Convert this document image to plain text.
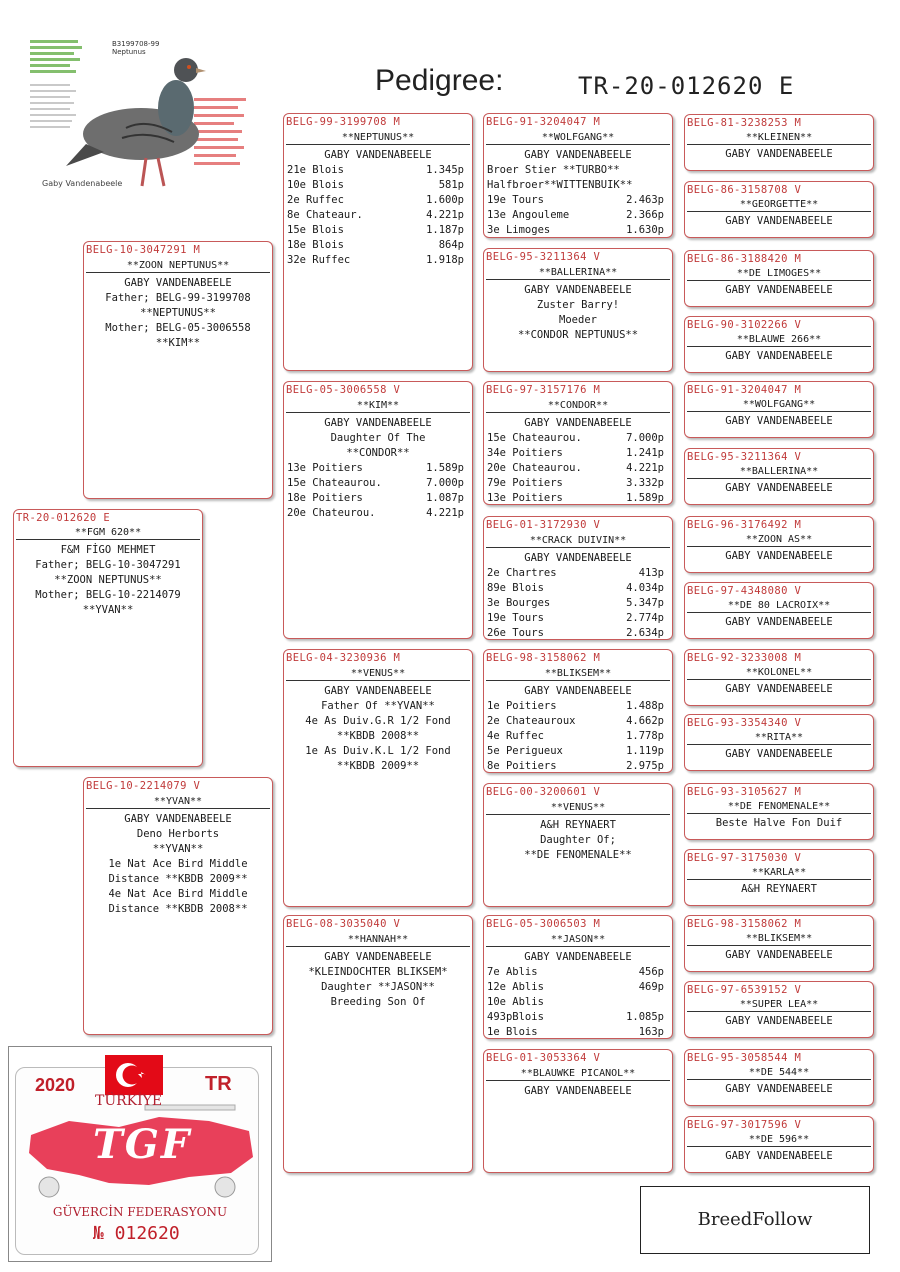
Pedigree:	TR-20-012620 E
B3199708-99
Neptunus
Gaby Vandenabeele
TR-20-012620 E
**FGM 620**
F&M FİGO MEHMET
Father; BELG-10-3047291
**ZOON NEPTUNUS**
Mother; BELG-10-2214079
**YVAN**
BELG-10-3047291 M
**ZOON NEPTUNUS**
GABY VANDENABEELE
Father; BELG-99-3199708
**NEPTUNUS**
Mother; BELG-05-3006558
**KIM**
BELG-10-2214079 V
**YVAN**
GABY VANDENABEELE
Deno Herborts
**YVAN**
1e Nat Ace Bird Middle
Distance **KBDB 2009**
4e Nat Ace Bird Middle
Distance **KBDB 2008**
BELG-99-3199708 M
**NEPTUNUS**
GABY VANDENABEELE
21e Blois	1.345p
10e Blois	581p
2e Ruffec	1.600p
8e Chateaur.	4.221p
15e Blois	1.187p
18e Blois	864p
32e Ruffec	1.918p
BELG-05-3006558 V
**KIM**
GABY VANDENABEELE
Daughter Of The
**CONDOR**
13e Poitiers	1.589p
15e Chateaurou.	7.000p
18e Poitiers	1.087p
20e Chateurou.	4.221p
BELG-04-3230936 M
**VENUS**
GABY VANDENABEELE
Father Of **YVAN**
4e As Duiv.G.R 1/2 Fond
**KBDB 2008**
1e As Duiv.K.L 1/2 Fond
**KBDB 2009**
BELG-08-3035040 V
**HANNAH**
GABY VANDENABEELE
*KLEINDOCHTER BLIKSEM*
Daughter **JASON**
Breeding Son Of
BELG-91-3204047 M
**WOLFGANG**
GABY VANDENABEELE
Broer Stier **TURBO**
Halfbroer**WITTENBUIK**
19e Tours	2.463p
13e Angouleme	2.366p
3e Limoges	1.630p
BELG-95-3211364 V
**BALLERINA**
GABY VANDENABEELE
Zuster Barry!
Moeder
**CONDOR NEPTUNUS**
BELG-97-3157176 M
**CONDOR**
GABY VANDENABEELE
15e Chateaurou.	7.000p
34e Poitiers	1.241p
20e Chateaurou.	4.221p
79e Poitiers	3.332p
13e Poitiers	1.589p
BELG-01-3172930 V
**CRACK DUIVIN**
GABY VANDENABEELE
2e Chartres	413p
89e Blois	4.034p
3e Bourges	5.347p
19e Tours	2.774p
26e Tours	2.634p
BELG-98-3158062 M
**BLIKSEM**
GABY VANDENABEELE
1e Poitiers	1.488p
2e Chateauroux	4.662p
4e Ruffec	1.778p
5e Perigueux	1.119p
8e Poitiers	2.975p
BELG-00-3200601 V
**VENUS**
A&H REYNAERT
Daughter Of;
**DE FENOMENALE**
BELG-05-3006503 M
**JASON**
GABY VANDENABEELE
7e Ablis	456p
12e Ablis	469p
10e Ablis
493pBlois	1.085p
1e Blois	163p
BELG-01-3053364 V
**BLAUWKE PICANOL**
GABY VANDENABEELE
BELG-81-3238253 M
**KLEINEN**
GABY VANDENABEELE
BELG-86-3158708 V
**GEORGETTE**
GABY VANDENABEELE
BELG-86-3188420 M
**DE LIMOGES**
GABY VANDENABEELE
BELG-90-3102266 V
**BLAUWE 266**
GABY VANDENABEELE
BELG-91-3204047 M
**WOLFGANG**
GABY VANDENABEELE
BELG-95-3211364 V
**BALLERINA**
GABY VANDENABEELE
BELG-96-3176492 M
**ZOON AS**
GABY VANDENABEELE
BELG-97-4348080 V
**DE 80 LACROIX**
GABY VANDENABEELE
BELG-92-3233008 M
**KOLONEL**
GABY VANDENABEELE
BELG-93-3354340 V
**RITA**
GABY VANDENABEELE
BELG-93-3105627 M
**DE FENOMENALE**
Beste Halve Fon Duif
BELG-97-3175030 V
**KARLA**
A&H REYNAERT
BELG-98-3158062 M
**BLIKSEM**
GABY VANDENABEELE
BELG-97-6539152 V
**SUPER LEA**
GABY VANDENABEELE
BELG-95-3058544 M
**DE 544**
GABY VANDENABEELE
BELG-97-3017596 V
**DE 596**
GABY VANDENABEELE
2020	TR
TÜRKİYE
TGF
GÜVERCİN FEDERASYONU
№ 012620
BreedFollow
